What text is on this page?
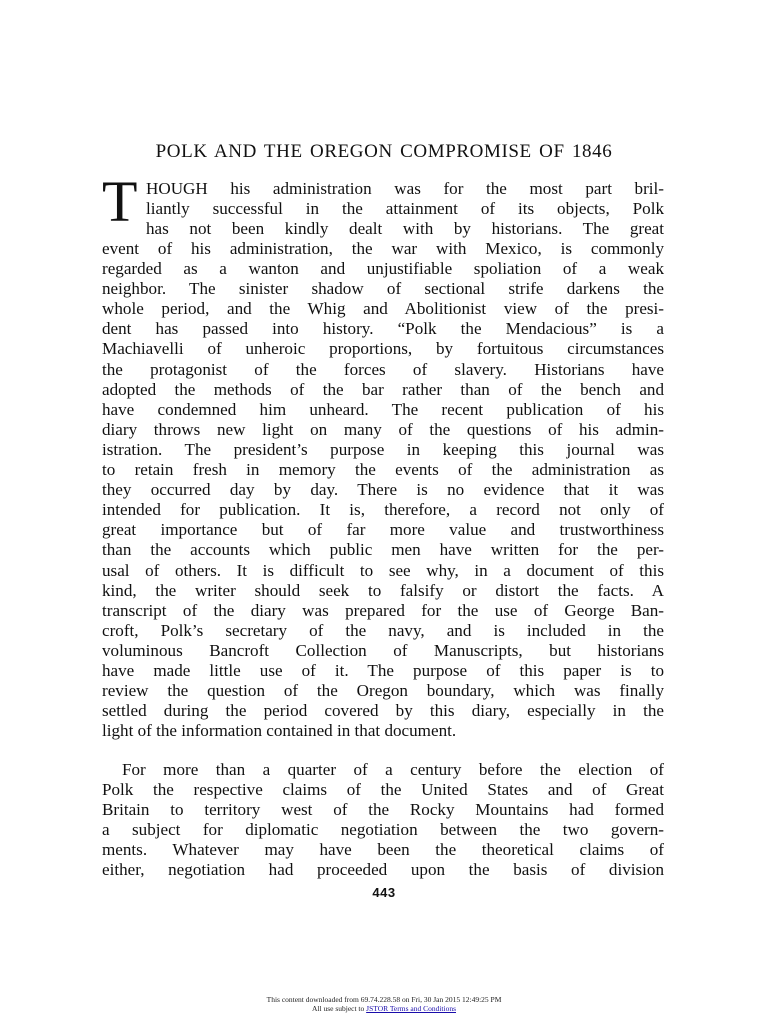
POLK AND THE OREGON COMPROMISE OF 1846
T HOUGH his administration was for the most part bril-
liantly successful in the attainment of its objects, Polk
has not been kindly dealt with by historians. The great
event of his administration, the war with Mexico, is commonly
regarded as a wanton and unjustifiable spoliation of a weak
neighbor. The sinister shadow of sectional strife darkens the
whole period, and the Whig and Abolitionist view of the presi-
dent has passed into history. “Polk the Mendacious” is a
Machiavelli of unheroic proportions, by fortuitous circumstances
the protagonist of the forces of slavery. Historians have
adopted the methods of the bar rather than of the bench and
have condemned him unheard. The recent publication of his
diary throws new light on many of the questions of his admin-
istration. The president’s purpose in keeping this journal was
to retain fresh in memory the events of the administration as
they occurred day by day. There is no evidence that it was
intended for publication. It is, therefore, a record not only of
great importance but of far more value and trustworthiness
than the accounts which public men have written for the per-
usal of others. It is difficult to see why, in a document of this
kind, the writer should seek to falsify or distort the facts. A
transcript of the diary was prepared for the use of George Ban-
croft, Polk’s secretary of the navy, and is included in the
voluminous Bancroft Collection of Manuscripts, but historians
have made little use of it. The purpose of this paper is to
review the question of the Oregon boundary, which was finally
settled during the period covered by this diary, especially in the
light of the information contained in that document.
For more than a quarter of a century before the election of
Polk the respective claims of the United States and of Great
Britain to territory west of the Rocky Mountains had formed
a subject for diplomatic negotiation between the two govern-
ments. Whatever may have been the theoretical claims of
either, negotiation had proceeded upon the basis of division
443
This content downloaded from 69.74.228.58 on Fri, 30 Jan 2015 12:49:25 PM
All use subject to JSTOR Terms and Conditions
